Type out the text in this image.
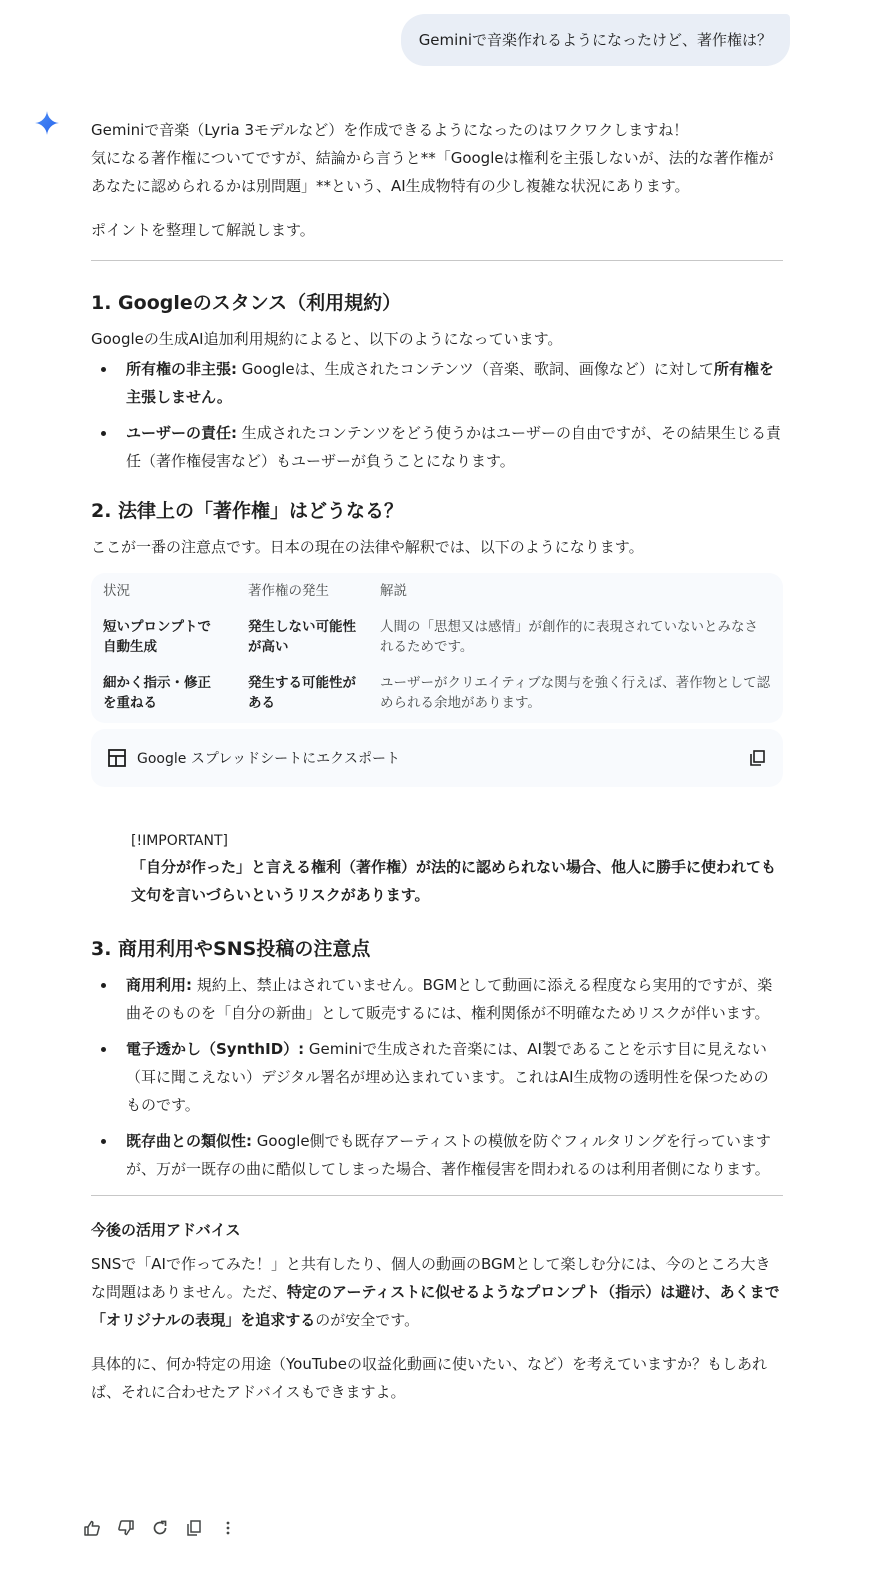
Geminiで音楽作れるようになったけど、著作権は？
Geminiで音楽（Lyria 3モデルなど）を作成できるようになったのはワクワクしますね！
気になる著作権についてですが、結論から言うと**「Googleは権利を主張しないが、法的な著作権があなたに認められるかは別問題」**という、AI生成物特有の少し複雑な状況にあります。
ポイントを整理して解説します。
1. Googleのスタンス（利用規約）
Googleの生成AI追加利用規約によると、以下のようになっています。
所有権の非主張: Googleは、生成されたコンテンツ（音楽、歌詞、画像など）に対して所有権を主張しません。
ユーザーの責任: 生成されたコンテンツをどう使うかはユーザーの自由ですが、その結果生じる責任（著作権侵害など）もユーザーが負うことになります。
2. 法律上の「著作権」はどうなる？
ここが一番の注意点です。日本の現在の法律や解釈では、以下のようになります。
状況	著作権の発生	解説
短いプロンプトで自動生成	発生しない可能性が高い	人間の「思想又は感情」が創作的に表現されていないとみなされるためです。
細かく指示・修正を重ねる	発生する可能性がある	ユーザーがクリエイティブな関与を強く行えば、著作物として認められる余地があります。
Google スプレッドシートにエクスポート
[!IMPORTANT]
「自分が作った」と言える権利（著作権）が法的に認められない場合、他人に勝手に使われても文句を言いづらいというリスクがあります。
3. 商用利用やSNS投稿の注意点
商用利用: 規約上、禁止はされていません。BGMとして動画に添える程度なら実用的ですが、楽曲そのものを「自分の新曲」として販売するには、権利関係が不明確なためリスクが伴います。
電子透かし（SynthID）: Geminiで生成された音楽には、AI製であることを示す目に見えない（耳に聞こえない）デジタル署名が埋め込まれています。これはAI生成物の透明性を保つためのものです。
既存曲との類似性: Google側でも既存アーティストの模倣を防ぐフィルタリングを行っていますが、万が一既存の曲に酷似してしまった場合、著作権侵害を問われるのは利用者側になります。
今後の活用アドバイス
SNSで「AIで作ってみた！」と共有したり、個人の動画のBGMとして楽しむ分には、今のところ大きな問題はありません。ただ、特定のアーティストに似せるようなプロンプト（指示）は避け、あくまで「オリジナルの表現」を追求するのが安全です。
具体的に、何か特定の用途（YouTubeの収益化動画に使いたい、など）を考えていますか？もしあれば、それに合わせたアドバイスもできますよ。
